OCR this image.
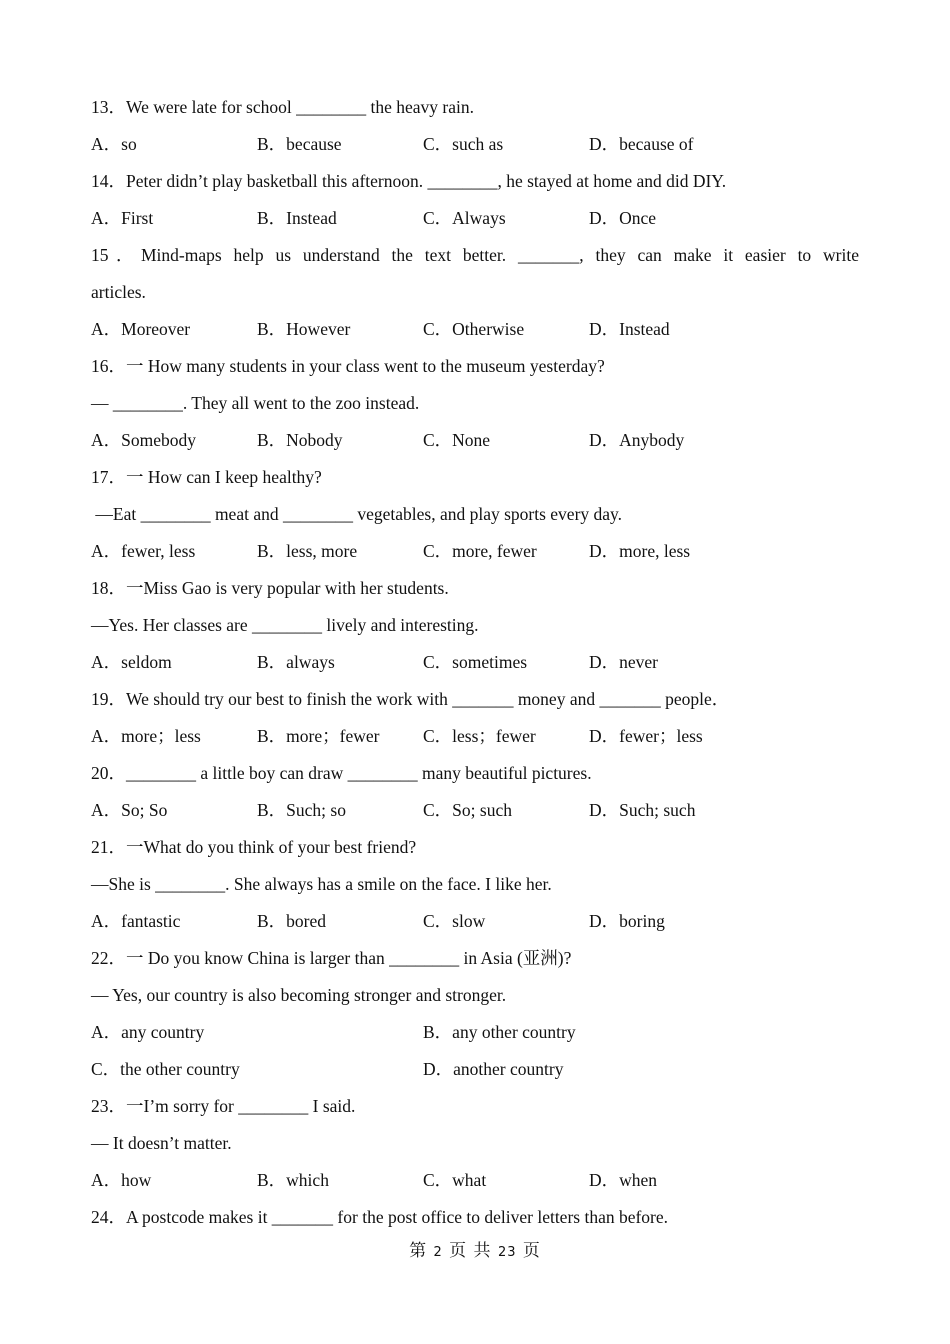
13．We were late for school ________ the heavy rain.
A．so	B．because	C．such as	D．because of
14．Peter didn’t play basketball this afternoon. ________, he stayed at home and did DIY.
A．First	B．Instead	C．Always	D．Once
15．Mind-maps help us understand the text better. _______, they can make it easier to write
articles.
A．Moreover	B．However	C．Otherwise	D．Instead
16．一 How many students in your class went to the museum yesterday?
— ________. They all went to the zoo instead.
A．Somebody	B．Nobody	C．None	D．Anybody
17．一 How can I keep healthy?
—Eat ________ meat and ________ vegetables, and play sports every day.
A．fewer, less	B．less, more	C．more, fewer	D．more, less
18．一Miss Gao is very popular with her students.
—Yes. Her classes are ________ lively and interesting.
A．seldom	B．always	C．sometimes	D．never
19．We should try our best to finish the work with _______ money and _______ people．
A．more；less	B．more；fewer	C．less；fewer	D．fewer；less
20．________ a little boy can draw ________ many beautiful pictures.
A．So; So	B．Such; so	C．So; such	D．Such; such
21．一What do you think of your best friend?
—She is ________. She always has a smile on the face. I like her.
A．fantastic	B．bored	C．slow	D．boring
22．一 Do you know China is larger than ________ in Asia (亚洲)?
— Yes, our country is also becoming stronger and stronger.
A．any country	B．any other country
C．the other country	D．another country
23．一I’m sorry for ________ I said.
— It doesn’t matter.
A．how	B．which	C．what	D．when
24．A postcode makes it _______ for the post office to deliver letters than before.
第 2 页 共 23 页
